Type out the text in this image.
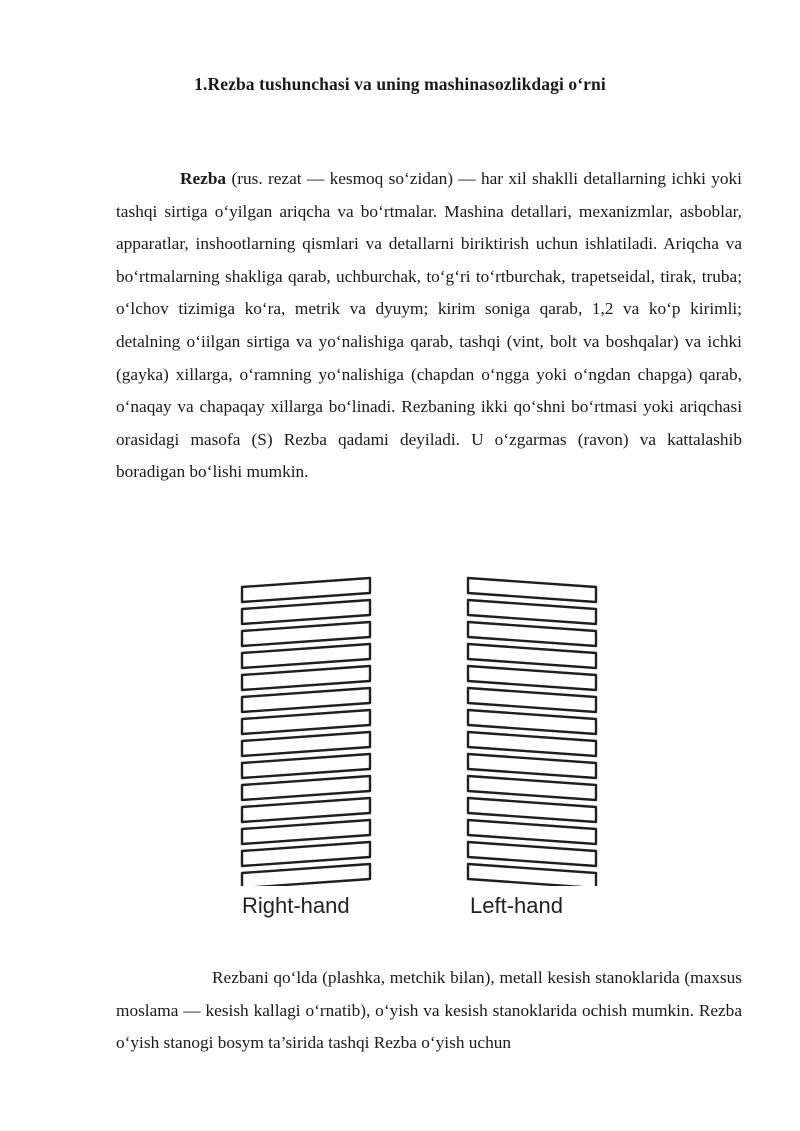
1.Rezba tushunchasi va uning mashinasozlikdagi o‘rni

Rezba (rus. rezat — kesmoq so‘zidan) — har xil shaklli detallarning ichki yoki tashqi sirtiga o‘yilgan ariqcha va bo‘rtmalar. Mashina detallari, mexanizmlar, asboblar, apparatlar, inshootlarning qismlari va detallarni biriktirish uchun ishlatiladi. Ariqcha va bo‘rtmalarning shakliga qarab, uchburchak, to‘g‘ri to‘rtburchak, trapetseidal, tirak, truba; o‘lchov tizimiga ko‘ra, metrik va dyuym; kirim soniga qarab, 1,2 va ko‘p kirimli; detalning o‘iilgan sirtiga va yo‘nalishiga qarab, tashqi (vint, bolt va boshqalar) va ichki (gayka) xillarga, o‘ramning yo‘nalishiga (chapdan o‘ngga yoki o‘ngdan chapga) qarab, o‘naqay va chapaqay xillarga bo‘linadi. Rezbaning ikki qo‘shni bo‘rtmasi yoki ariqchasi orasidagi masofa (S) Rezba qadami deyiladi. U o‘zgarmas (ravon) va kattalashib boradigan bo‘lishi mumkin.

Right-hand	Left-hand

Rezbani qo‘lda (plashka, metchik bilan), metall kesish stanoklarida (maxsus moslama — kesish kallagi o‘rnatib), o‘yish va kesish stanoklarida ochish mumkin. Rezba o‘yish stanogi bosym ta’sirida tashqi Rezba o‘yish uchun
